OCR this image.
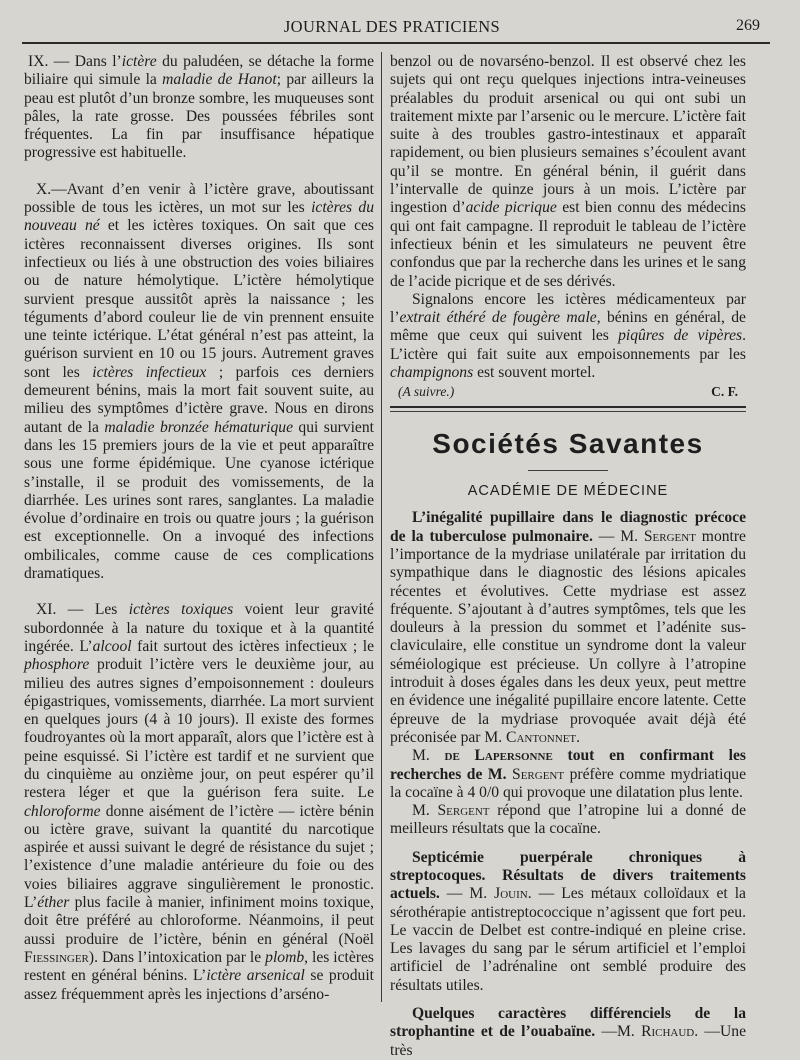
JOURNAL DES PRATICIENS	269

IX. — Dans l’ictère du paludéen, se détache la forme biliaire qui simule la maladie de Hanot; par ailleurs la peau est plutôt d’un bronze sombre, les muqueuses sont pâles, la rate grosse. Des poussées fébriles sont fréquentes. La fin par insuffisance hépatique progressive est habituelle.

X.—Avant d’en venir à l’ictère grave, aboutissant possible de tous les ictères, un mot sur les ictères du nouveau né et les ictères toxiques. On sait que ces ictères reconnaissent diverses origines. Ils sont infectieux ou liés à une obstruction des voies biliaires ou de nature hémolytique. L’ictère hémolytique survient presque aussitôt après la naissance ; les téguments d’abord couleur lie de vin prennent ensuite une teinte ictérique. L’état général n’est pas atteint, la guérison survient en 10 ou 15 jours. Autrement graves sont les ictères infectieux ; parfois ces derniers demeurent bénins, mais la mort fait souvent suite, au milieu des symptômes d’ictère grave. Nous en dirons autant de la maladie bronzée hématurique qui survient dans les 15 premiers jours de la vie et peut apparaître sous une forme épidémique. Une cyanose ictérique s’installe, il se produit des vomissements, de la diarrhée. Les urines sont rares, sanglantes. La maladie évolue d’ordinaire en trois ou quatre jours ; la guérison est exceptionnelle. On a invoqué des infections ombilicales, comme cause de ces complications dramatiques.

XI. — Les ictères toxiques voient leur gravité subordonnée à la nature du toxique et à la quantité ingérée. L’alcool fait surtout des ictères infectieux ; le phosphore produit l’ictère vers le deuxième jour, au milieu des autres signes d’empoisonnement : douleurs épigastriques, vomissements, diarrhée. La mort survient en quelques jours (4 à 10 jours). Il existe des formes foudroyantes où la mort apparaît, alors que l’ictère est à peine esquissé. Si l’ictère est tardif et ne survient que du cinquième au onzième jour, on peut espérer qu’il restera léger et que la guérison fera suite. Le chloroforme donne aisément de l’ictère — ictère bénin ou ictère grave, suivant la quantité du narcotique aspirée et aussi suivant le degré de résistance du sujet ; l’existence d’une maladie antérieure du foie ou des voies biliaires aggrave singulièrement le pronostic. L’éther plus facile à manier, infiniment moins toxique, doit être préféré au chloroforme. Néanmoins, il peut aussi produire de l’ictère, bénin en général (Noël Fiessinger). Dans l’intoxication par le plomb, les ictères restent en général bénins. L’ictère arsenical se produit assez fréquemment après les injections d’arséno-

benzol ou de novarséno-benzol. Il est observé chez les sujets qui ont reçu quelques injections intra-veineuses préalables du produit arsenical ou qui ont subi un traitement mixte par l’arsenic ou le mercure. L’ictère fait suite à des troubles gastro-intestinaux et apparaît rapidement, ou bien plusieurs semaines s’écoulent avant qu’il se montre. En général bénin, il guérit dans l’intervalle de quinze jours à un mois. L’ictère par ingestion d’acide picrique est bien connu des médecins qui ont fait campagne. Il reproduit le tableau de l’ictère infectieux bénin et les simulateurs ne peuvent être confondus que par la recherche dans les urines et le sang de l’acide picrique et de ses dérivés.

Signalons encore les ictères médicamenteux par l’extrait éthéré de fougère male, bénins en général, de même que ceux qui suivent les piqûres de vipères. L’ictère qui fait suite aux empoisonnements par les champignons est souvent mortel.

(A suivre.)	C. F.
Sociétés Savantes
ACADÉMIE DE MÉDECINE

L’inégalité pupillaire dans le diagnostic précoce de la tuberculose pulmonaire. — M. Sergent montre l’importance de la mydriase unilatérale par irritation du sympathique dans le diagnostic des lésions apicales récentes et évolutives. Cette mydriase est assez fréquente. S’ajoutant à d’autres symptômes, tels que les douleurs à la pression du sommet et l’adénite sus-claviculaire, elle constitue un syndrome dont la valeur séméiologique est précieuse. Un collyre à l’atropine introduit à doses égales dans les deux yeux, peut mettre en évidence une inégalité pupillaire encore latente. Cette épreuve de la mydriase provoquée avait déjà été préconisée par M. Cantonnet.

M. de Lapersonne tout en confirmant les recherches de M. Sergent préfère comme mydriatique la cocaïne à 4 0/0 qui provoque une dilatation plus lente.

M. Sergent répond que l’atropine lui a donné de meilleurs résultats que la cocaïne.

Septicémie puerpérale chroniques à streptocoques. Résultats de divers traitements actuels. — M. Jouin. — Les métaux colloïdaux et la sérothérapie antistreptococcique n’agissent que fort peu. Le vaccin de Delbet est contre-indiqué en pleine crise. Les lavages du sang par le sérum artificiel et l’emploi artificiel de l’adrénaline ont semblé produire des résultats utiles.

Quelques caractères différenciels de la strophantine et de l’ouabaïne. —M. Richaud. —Une très
